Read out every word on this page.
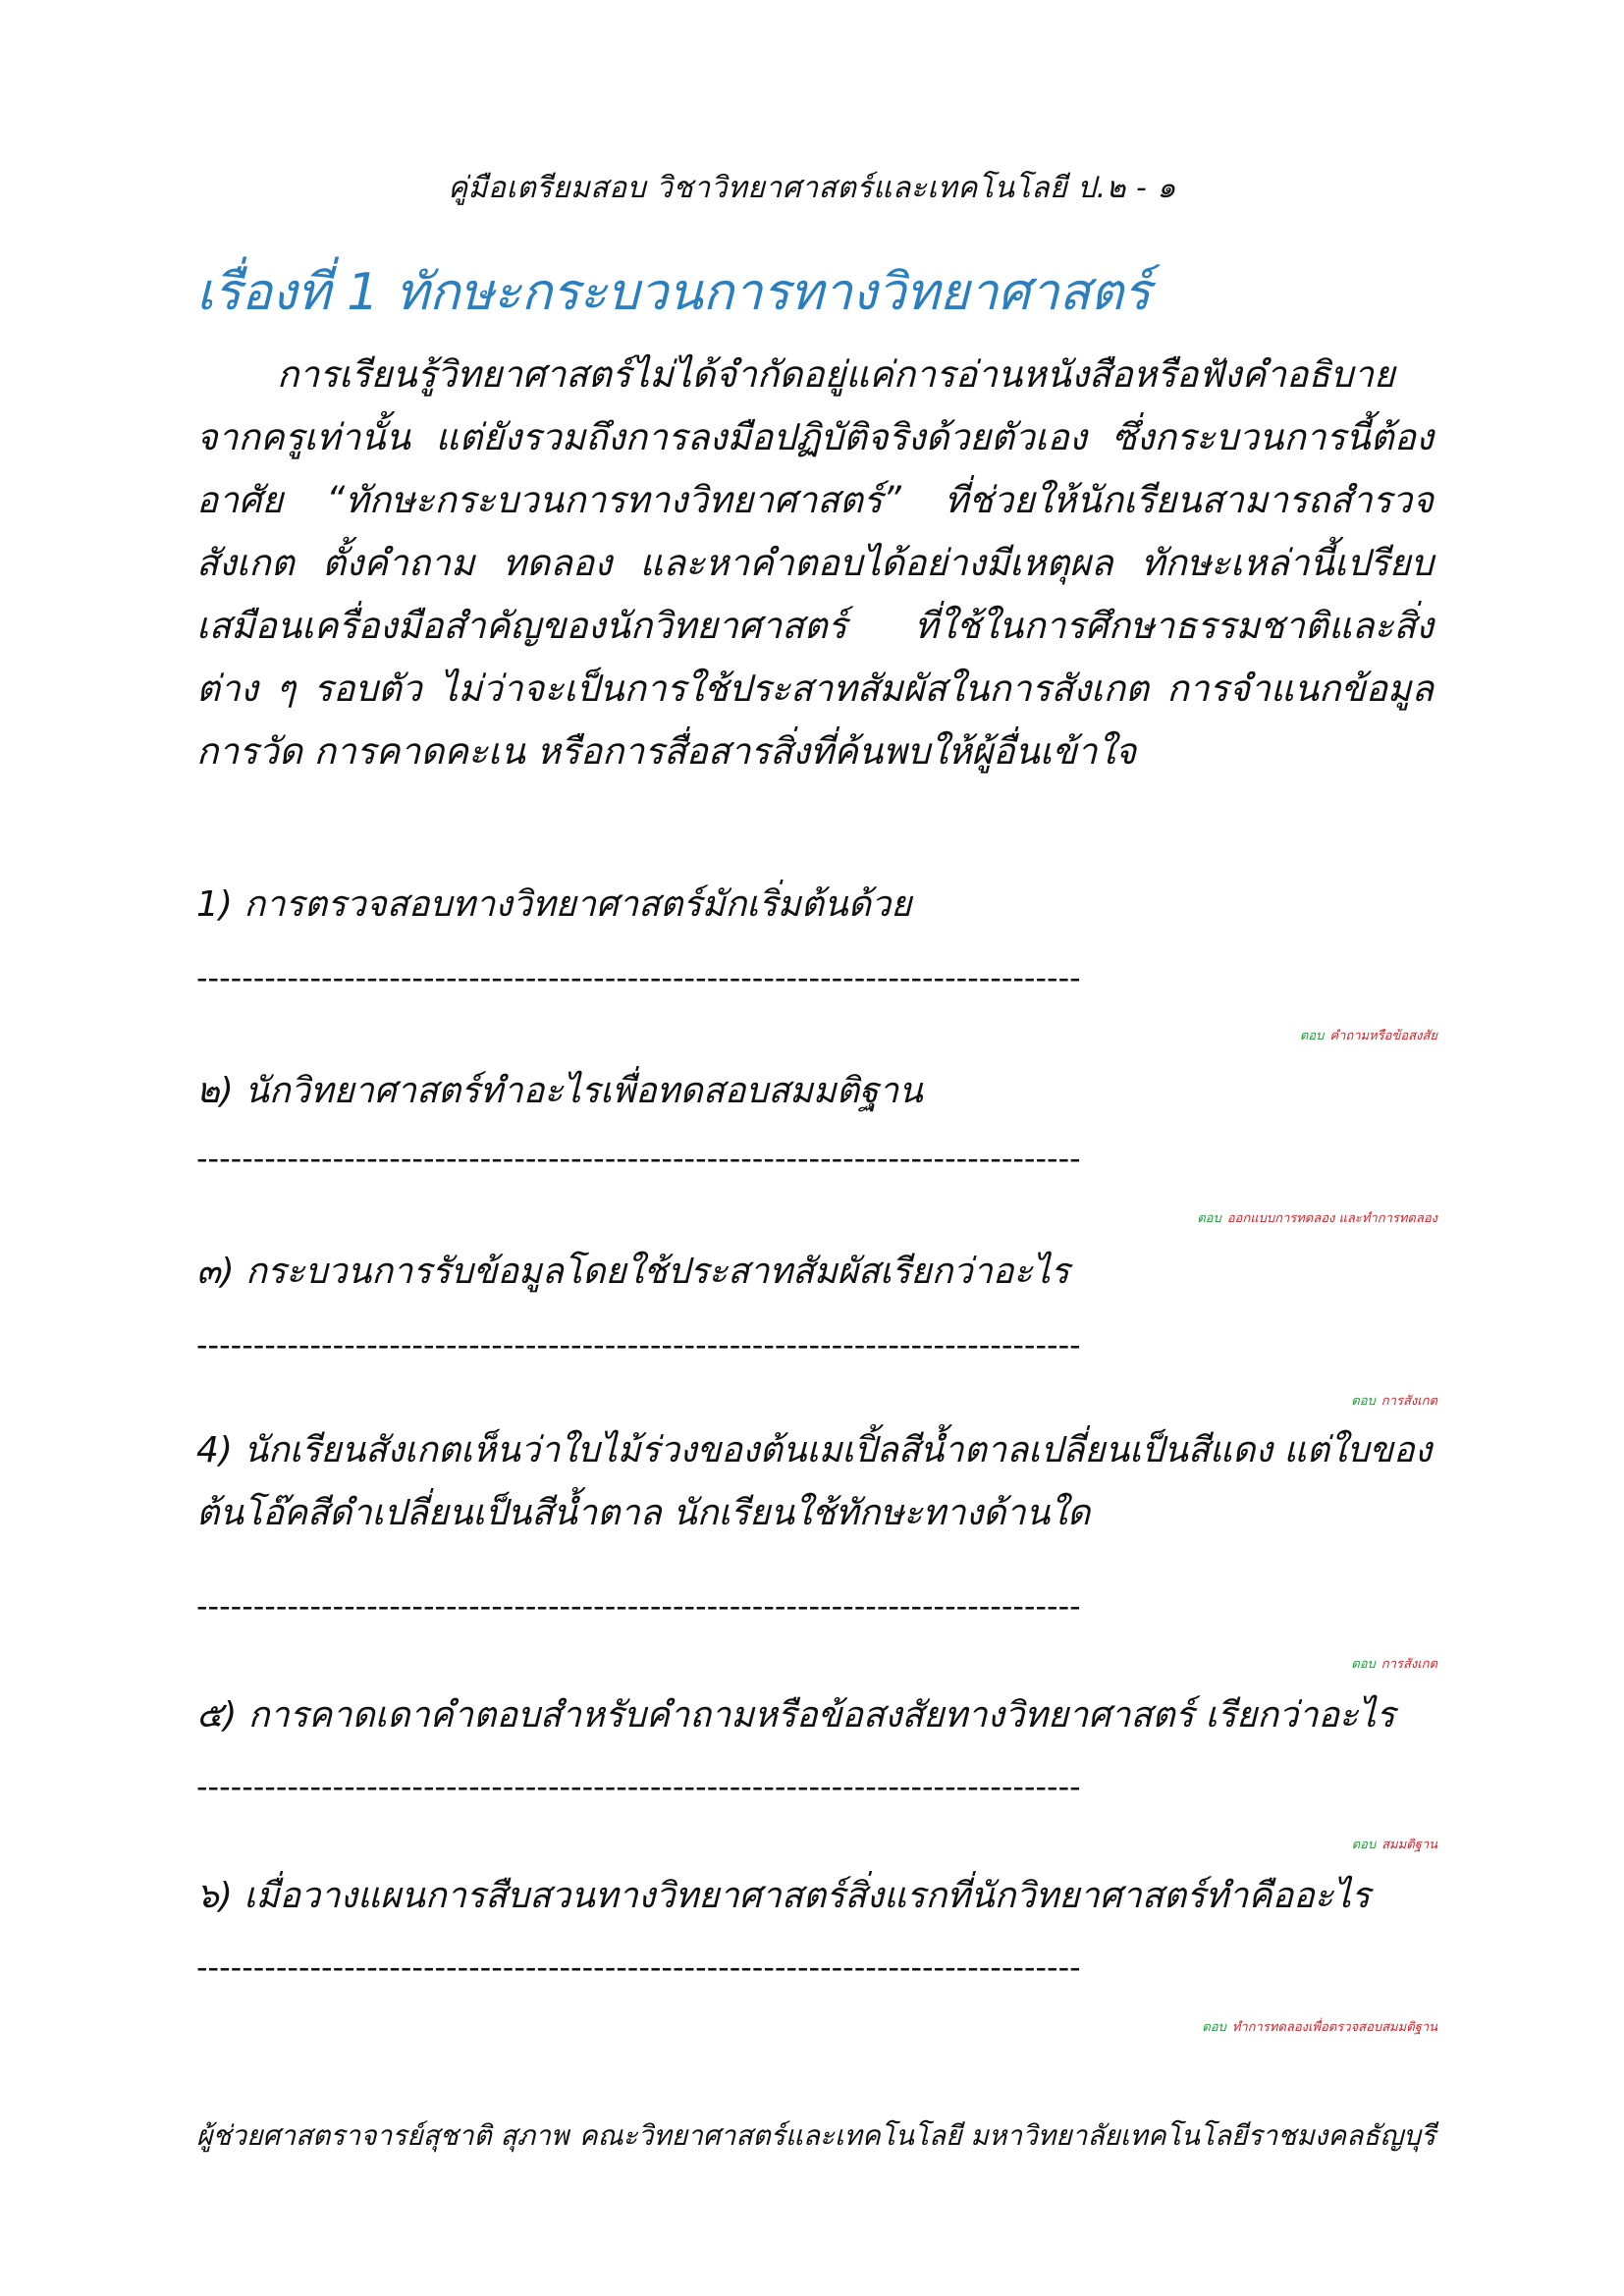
คู่มือเตรียมสอบ วิชาวิทยาศาสตร์และเทคโนโลยี ป.๒ - ๑
เรื่องที่ 1 ทักษะกระบวนการทางวิทยาศาสตร์
การเรียนรู้วิทยาศาสตร์ไม่ได้จำกัดอยู่แค่การอ่านหนังสือหรือฟังคำอธิบายจากครูเท่านั้น แต่ยังรวมถึงการลงมือปฏิบัติจริงด้วยตัวเอง ซึ่งกระบวนการนี้ต้องอาศัย “ทักษะกระบวนการทางวิทยาศาสตร์” ที่ช่วยให้นักเรียนสามารถสำรวจ สังเกต ตั้งคำถาม ทดลอง และหาคำตอบได้อย่างมีเหตุผล ทักษะเหล่านี้เปรียบเสมือนเครื่องมือสำคัญของนักวิทยาศาสตร์ ที่ใช้ในการศึกษาธรรมชาติและสิ่งต่าง ๆ รอบตัว ไม่ว่าจะเป็นการใช้ประสาทสัมผัสในการสังเกต การจำแนกข้อมูล การวัด การคาดคะเน หรือการสื่อสารสิ่งที่ค้นพบให้ผู้อื่นเข้าใจ
1) การตรวจสอบทางวิทยาศาสตร์มักเริ่มต้นด้วย
------------------------------------------------------------------------------
ตอบ คำถามหรือข้อสงสัย
๒) นักวิทยาศาสตร์ทำอะไรเพื่อทดสอบสมมติฐาน
------------------------------------------------------------------------------
ตอบ ออกแบบการทดลอง และทำการทดลอง
๓) กระบวนการรับข้อมูลโดยใช้ประสาทสัมผัสเรียกว่าอะไร
------------------------------------------------------------------------------
ตอบ การสังเกต
4) นักเรียนสังเกตเห็นว่าใบไม้ร่วงของต้นเมเปิ้ลสีน้ำตาลเปลี่ยนเป็นสีแดง แต่ใบของต้นโอ๊คสีดำเปลี่ยนเป็นสีน้ำตาล นักเรียนใช้ทักษะทางด้านใด
------------------------------------------------------------------------------
ตอบ การสังเกต
๕) การคาดเดาคำตอบสำหรับคำถามหรือข้อสงสัยทางวิทยาศาสตร์ เรียกว่าอะไร
------------------------------------------------------------------------------
ตอบ สมมติฐาน
๖) เมื่อวางแผนการสืบสวนทางวิทยาศาสตร์สิ่งแรกที่นักวิทยาศาสตร์ทำคืออะไร
------------------------------------------------------------------------------
ตอบ ทำการทดลองเพื่อตรวจสอบสมมติฐาน
ผู้ช่วยศาสตราจารย์สุชาติ สุภาพ คณะวิทยาศาสตร์และเทคโนโลยี มหาวิทยาลัยเทคโนโลยีราชมงคลธัญบุรี
